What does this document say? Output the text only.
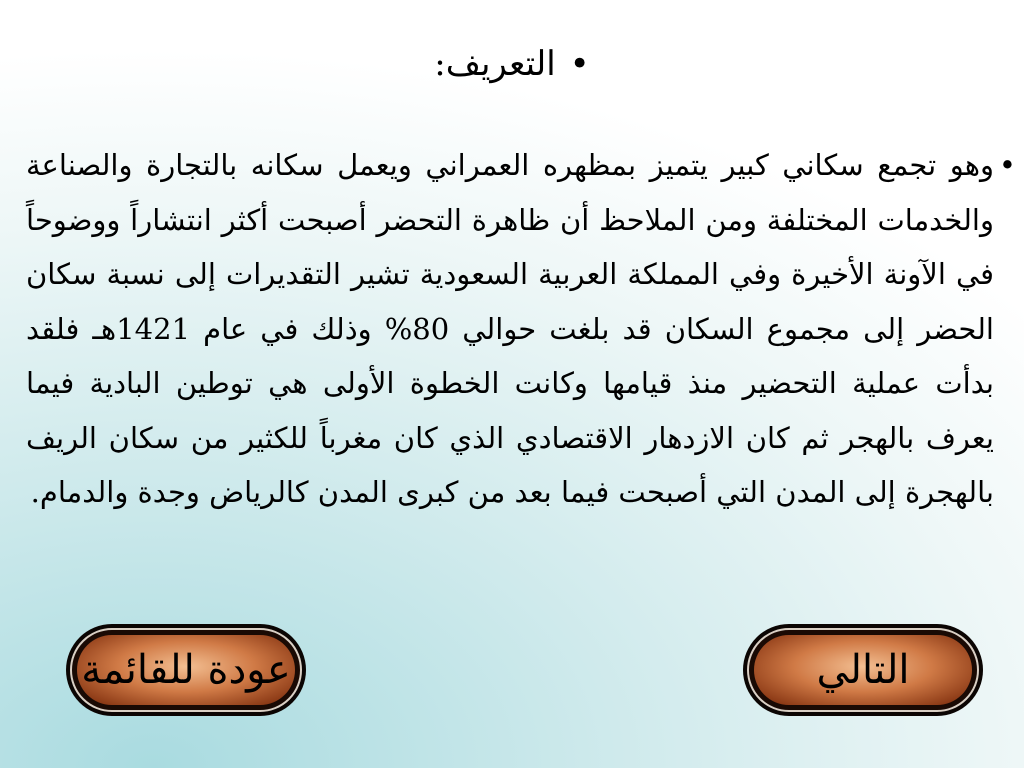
•التعريف:
•
وهو تجمع سكاني كبير يتميز بمظهره العمراني ويعمل سكانه بالتجارة والصناعة والخدمات المختلفة ومن الملاحظ أن ظاهرة التحضر أصبحت أكثر انتشاراً ووضوحاً في الآونة الأخيرة وفي المملكة العربية السعودية تشير التقديرات إلى نسبة سكان الحضر إلى مجموع السكان قد بلغت حوالي 80% وذلك في عام 1421هـ فلقد بدأت عملية التحضير منذ قيامها وكانت الخطوة الأولى هي توطين البادية فيما يعرف بالهجر ثم كان الازدهار الاقتصادي الذي كان مغرباً للكثير من سكان الريف بالهجرة إلى المدن التي أصبحت فيما بعد من كبرى المدن كالرياض وجدة والدمام.
عودة للقائمة	التالي
